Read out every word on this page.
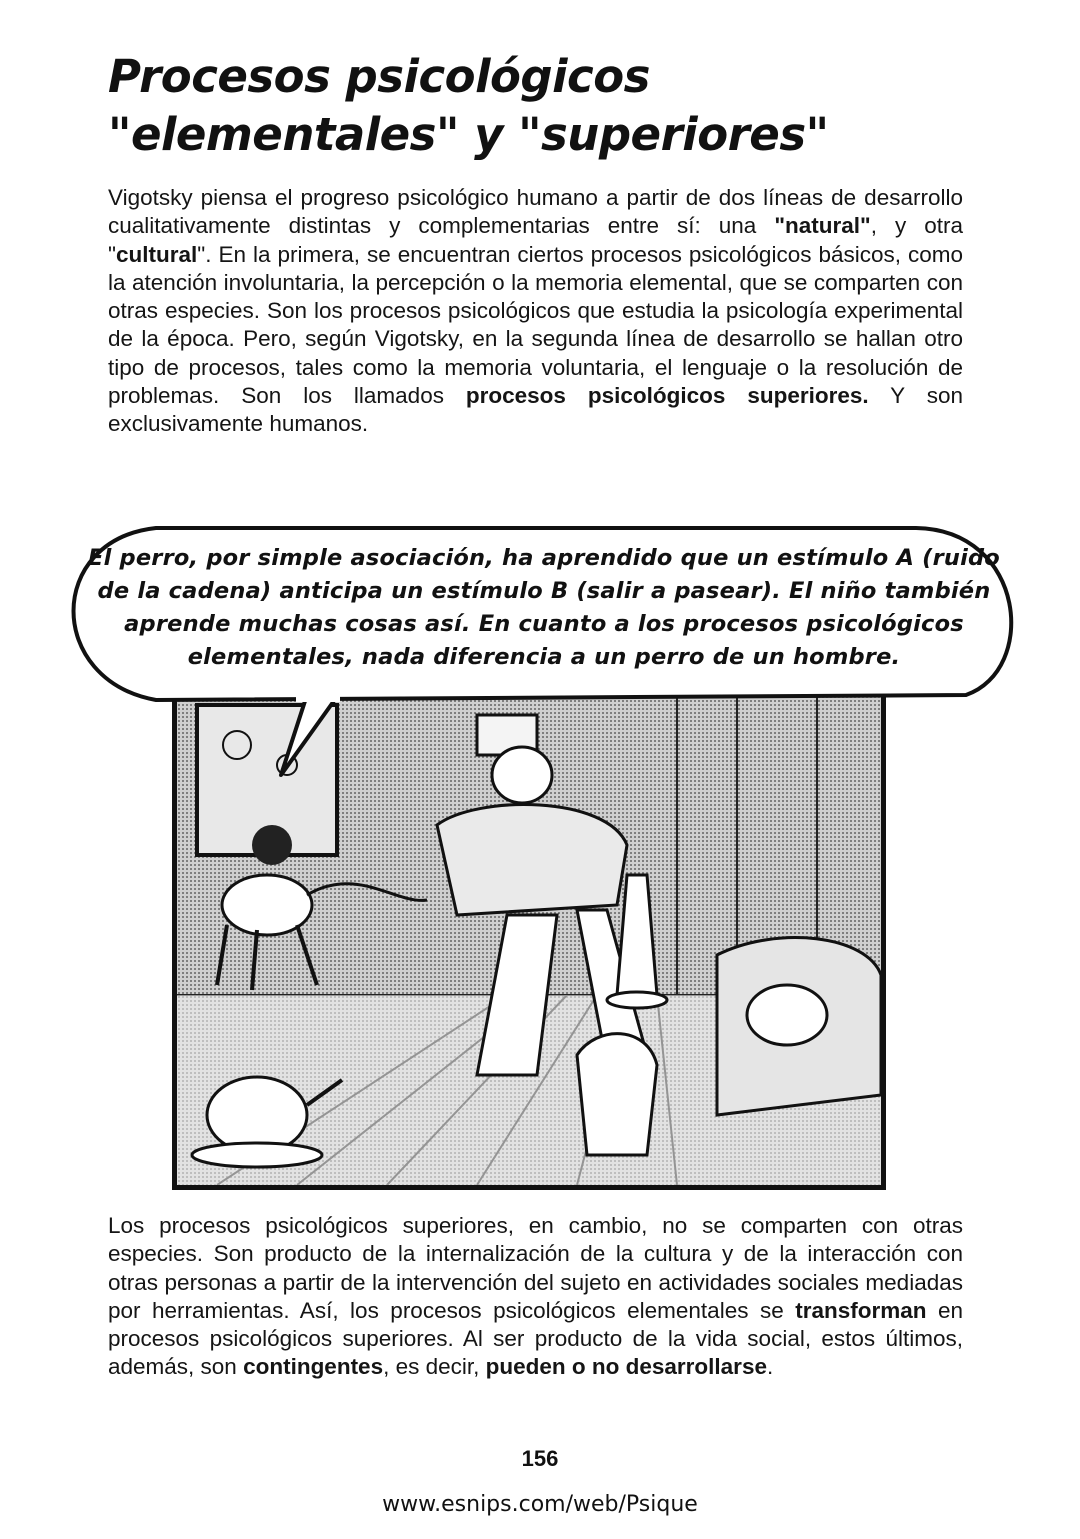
Procesos psicológicos
"elementales" y "superiores"

Vigotsky piensa el progreso psicológico humano a partir de dos líneas de desarrollo cualitativamente distintas y complementarias entre sí: una "natural", y otra "cultural". En la primera, se encuentran ciertos procesos psicológicos básicos, como la atención involuntaria, la percepción o la memoria elemental, que se comparten con otras especies. Son los procesos psicológicos que estudia la psicología experimental de la época. Pero, según Vigotsky, en la segunda línea de desarrollo se hallan otro tipo de procesos, tales como la memoria voluntaria, el lenguaje o la resolución de problemas. Son los llamados procesos psicológicos superiores. Y son exclusivamente humanos.

El perro, por simple asociación, ha aprendido que un estímulo A (ruido de la cadena) anticipa un estímulo B (salir a pasear). El niño también aprende muchas cosas así. En cuanto a los procesos psicológicos elementales, nada diferencia a un perro de un hombre.

Los procesos psicológicos superiores, en cambio, no se comparten con otras especies. Son producto de la internalización de la cultura y de la interacción con otras personas a partir de la intervención del sujeto en actividades sociales mediadas por herramientas. Así, los procesos psicológicos elementales se transforman en procesos psicológicos superiores. Al ser producto de la vida social, estos últimos, además, son contingentes, es decir, pueden o no desarrollarse.

156
www.esnips.com/web/Psique
